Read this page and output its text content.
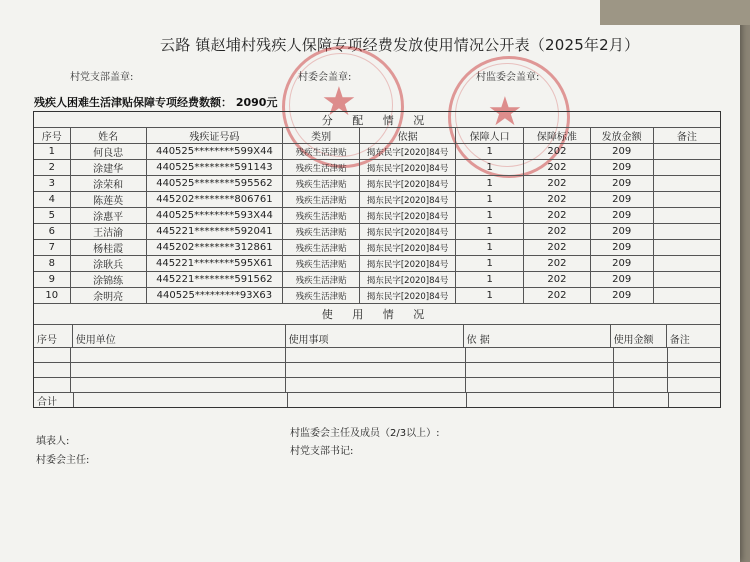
云路 镇赵埔村残疾人保障专项经费发放使用情况公开表（2025年2月）
村党支部盖章:	村委会盖章:	村监委会盖章:
★	★
残疾人困难生活津贴保障专项经费数额： 2090元
分 配 情 况
序号	姓名	残疾证号码	类别	依据	保障人口	保障标准	发放金额	备注
1	何良忠	440525********599X44	残疾生活津贴	揭东民字[2020]84号	1	202	209
2	涂建华	440525********591143	残疾生活津贴	揭东民字[2020]84号	1	202	209
3	涂荣和	440525********595562	残疾生活津贴	揭东民字[2020]84号	1	202	209
4	陈莲英	445202********806761	残疾生活津贴	揭东民字[2020]84号	1	202	209
5	涂惠平	440525********593X44	残疾生活津贴	揭东民字[2020]84号	1	202	209
6	王洁渝	445221********592041	残疾生活津贴	揭东民字[2020]84号	1	202	209
7	杨桂霞	445202********312861	残疾生活津贴	揭东民字[2020]84号	1	202	209
8	涂耿兵	445221********595X61	残疾生活津贴	揭东民字[2020]84号	1	202	209
9	涂锦练	445221********591562	残疾生活津贴	揭东民字[2020]84号	1	202	209
10	余明亮	440525*********93X63	残疾生活津贴	揭东民字[2020]84号	1	202	209
使 用 情 况
序号	使用单位	使用事项	依 据	使用金额	备注
合计
填表人:
村委会主任:
村监委会主任及成员（2/3以上）:
村党支部书记:
